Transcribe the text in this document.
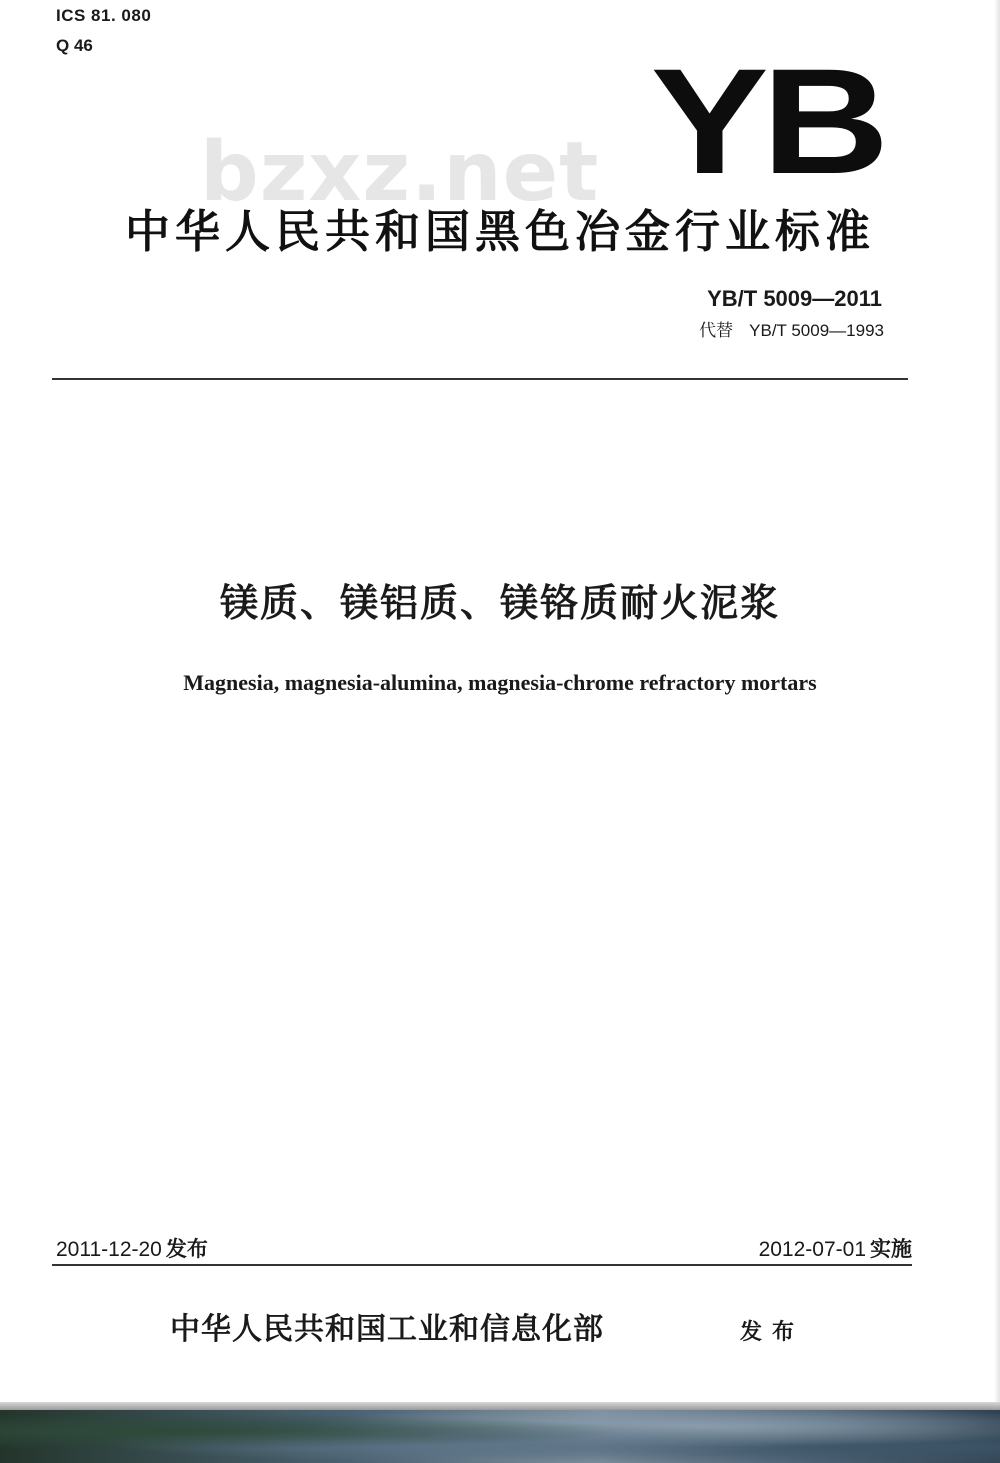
ICS 81. 080
Q 46
bzxz.net YB
中华人民共和国黑色冶金行业标准
YB/T 5009—2011
代替 YB/T 5009—1993
镁质、镁铝质、镁铬质耐火泥浆
Magnesia, magnesia-alumina, magnesia-chrome refractory mortars
2011-12-20 发布	2012-07-01 实施
中华人民共和国工业和信息化部	发布
